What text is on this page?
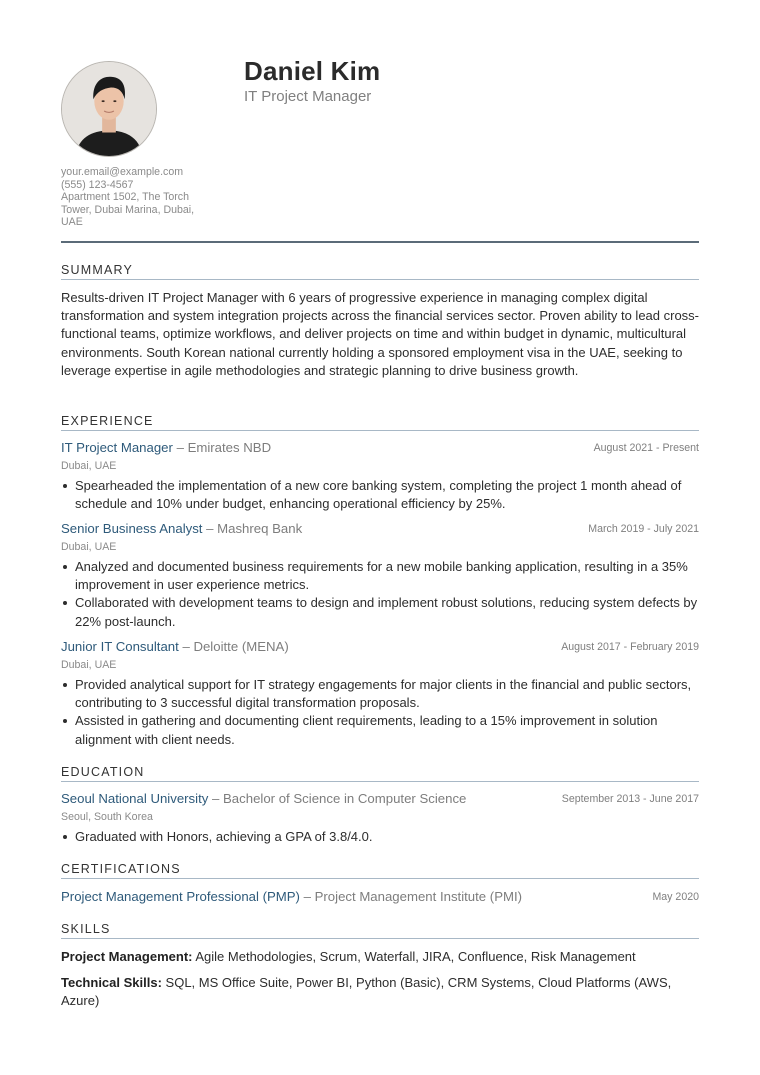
Daniel Kim
IT Project Manager
your.email@example.com
(555) 123-4567
Apartment 1502, The Torch
Tower, Dubai Marina, Dubai,
UAE
SUMMARY
Results-driven IT Project Manager with 6 years of progressive experience in managing complex digital transformation and system integration projects across the financial services sector. Proven ability to lead cross-functional teams, optimize workflows, and deliver projects on time and within budget in dynamic, multicultural environments. South Korean national currently holding a sponsored employment visa in the UAE, seeking to leverage expertise in agile methodologies and strategic planning to drive business growth.
EXPERIENCE
IT Project Manager – Emirates NBD	August 2021 - Present
Dubai, UAE
Spearheaded the implementation of a new core banking system, completing the project 1 month ahead of schedule and 10% under budget, enhancing operational efficiency by 25%.
Senior Business Analyst – Mashreq Bank	March 2019 - July 2021
Dubai, UAE
Analyzed and documented business requirements for a new mobile banking application, resulting in a 35% improvement in user experience metrics.
Collaborated with development teams to design and implement robust solutions, reducing system defects by 22% post-launch.
Junior IT Consultant – Deloitte (MENA)	August 2017 - February 2019
Dubai, UAE
Provided analytical support for IT strategy engagements for major clients in the financial and public sectors, contributing to 3 successful digital transformation proposals.
Assisted in gathering and documenting client requirements, leading to a 15% improvement in solution alignment with client needs.
EDUCATION
Seoul National University – Bachelor of Science in Computer Science	September 2013 - June 2017
Seoul, South Korea
Graduated with Honors, achieving a GPA of 3.8/4.0.
CERTIFICATIONS
Project Management Professional (PMP) – Project Management Institute (PMI)	May 2020
SKILLS
Project Management: Agile Methodologies, Scrum, Waterfall, JIRA, Confluence, Risk Management
Technical Skills: SQL, MS Office Suite, Power BI, Python (Basic), CRM Systems, Cloud Platforms (AWS, Azure)
